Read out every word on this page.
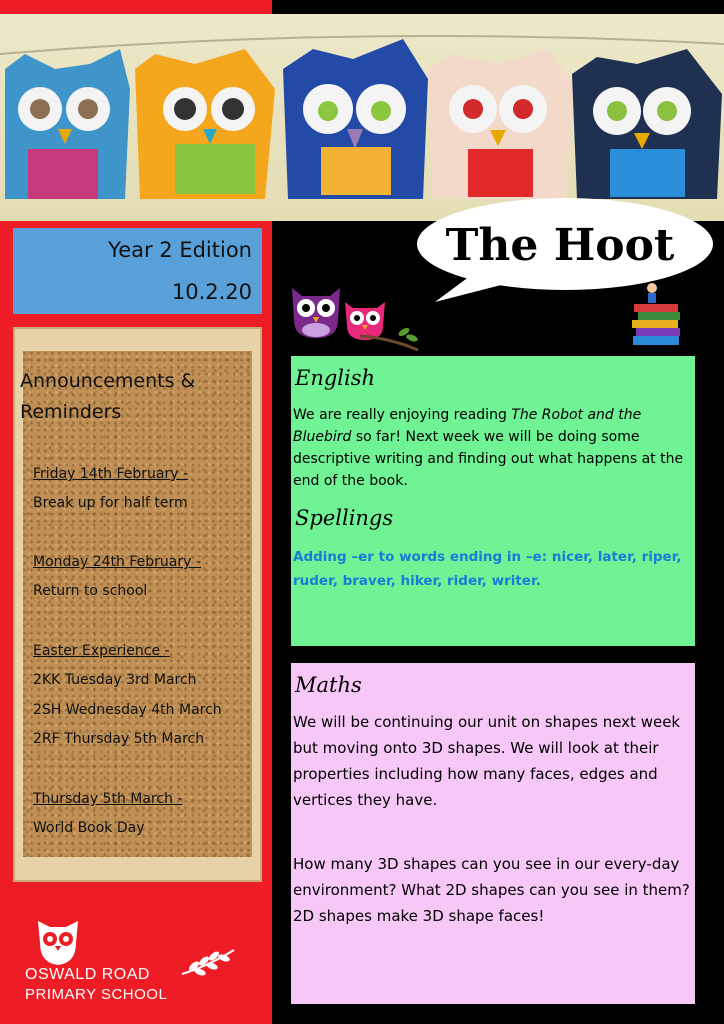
Year 2 Edition
10.2.20
Announcements & Reminders
Friday 14th February -
Break up for half term
Monday 24th February -
Return to school
Easter Experience -
2KK Tuesday 3rd March
2SH Wednesday 4th March
2RF Thursday 5th March
Thursday 5th March -
World Book Day
OSWALD ROAD
PRIMARY SCHOOL
The Hoot
English
We are really enjoying reading The Robot and the Bluebird so far! Next week we will be doing some descriptive writing and finding out what happens at the end of the book.
Spellings
Adding –er to words ending in –e: nicer, later, riper, ruder, braver, hiker, rider, writer.
Maths
We will be continuing our unit on shapes next week but moving onto 3D shapes. We will look at their properties including how many faces, edges and vertices they have.
How many 3D shapes can you see in our every-day environment? What 2D shapes can you see in them? 2D shapes make 3D shape faces!
